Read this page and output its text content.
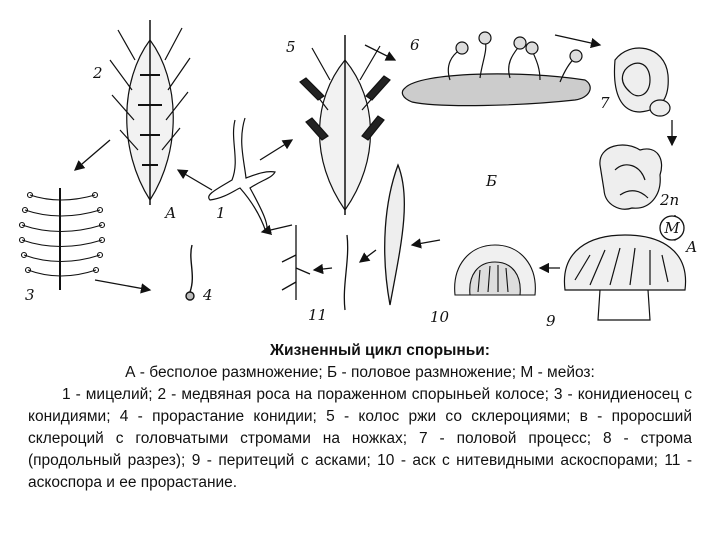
М
2
3
1
А
4
5	6
Б
7
2n
А
9
10
11
Жизненный цикл спорыньи:
А - бесполое размножение; Б - половое размножение; М - мейоз:
1 - мицелий; 2 - медвяная роса на пораженном спорыньей колосе; 3 - конидиеносец с конидиями; 4 - прорастание конидии; 5 - колос ржи со склероциями; в - проросший склероций с головчатыми стромами на ножках; 7 - половой процесс; 8 - строма (продольный разрез); 9 - перитеций с асками; 10 - аск с нитевидными аскоспорами; 11 - аскоспора и ее прорастание.
